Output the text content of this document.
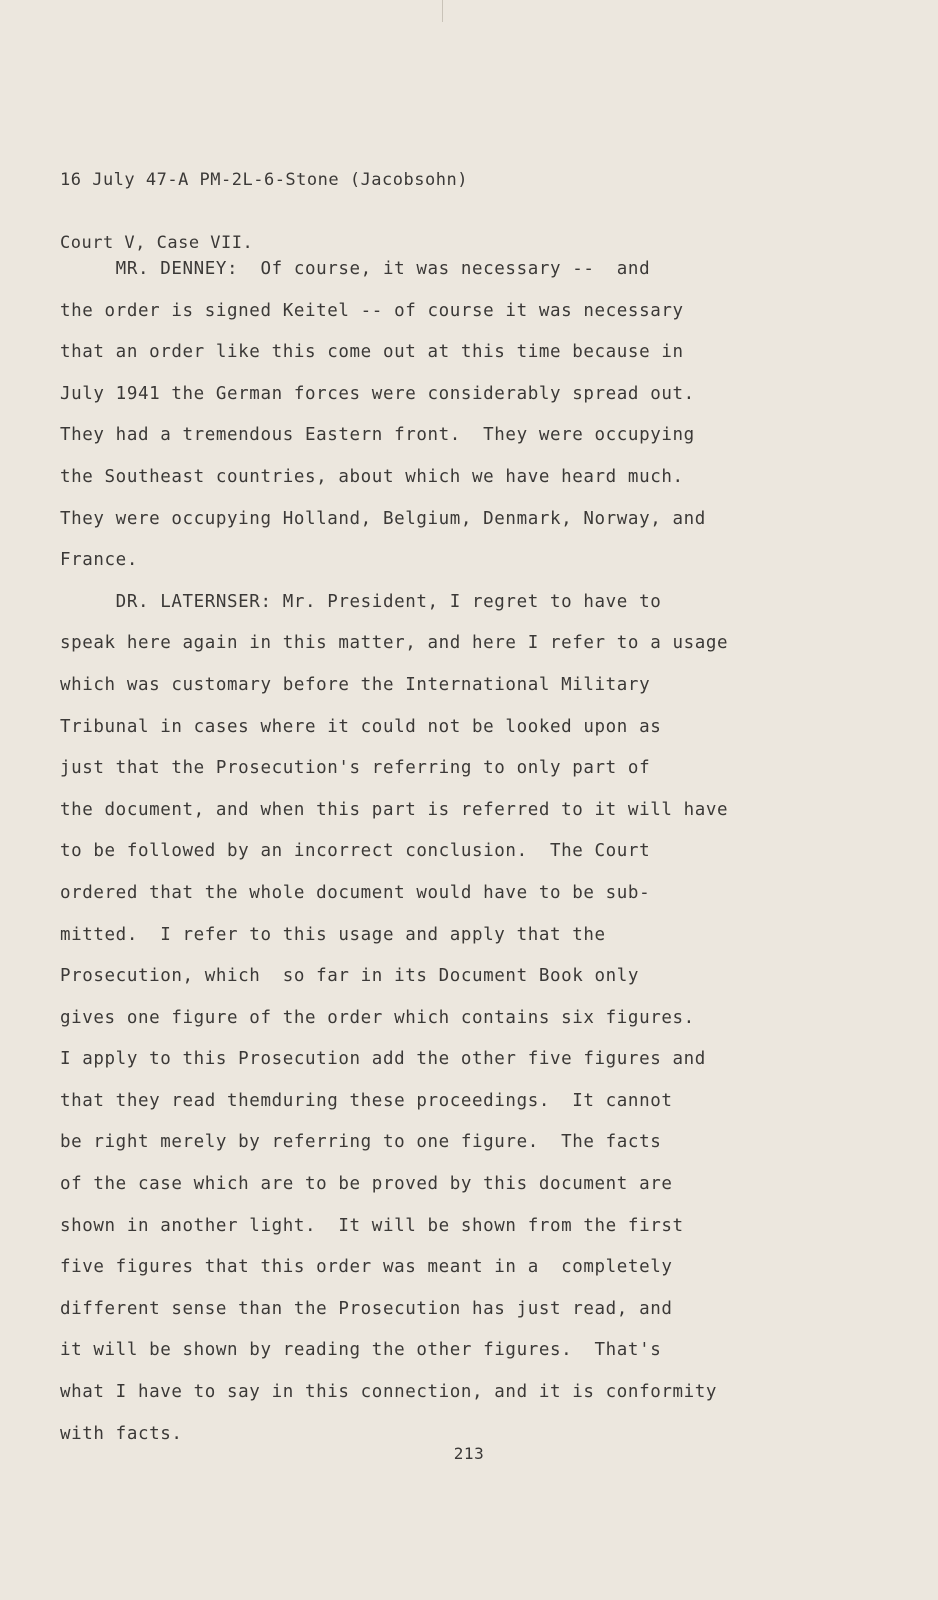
16 July 47-A PM-2L-6-Stone (Jacobsohn)

Court V, Case VII.

MR. DENNEY:  Of course, it was necessary --  and
the order is signed Keitel -- of course it was necessary
that an order like this come out at this time because in
July 1941 the German forces were considerably spread out.
They had a tremendous Eastern front.  They were occupying
the Southeast countries, about which we have heard much.
They were occupying Holland, Belgium, Denmark, Norway, and
France.
DR. LATERNSER: Mr. President, I regret to have to
speak here again in this matter, and here I refer to a usage
which was customary before the International Military
Tribunal in cases where it could not be looked upon as
just that the Prosecution's referring to only part of
the document, and when this part is referred to it will have
to be followed by an incorrect conclusion.  The Court
ordered that the whole document would have to be sub-
mitted.  I refer to this usage and apply that the
Prosecution, which  so far in its Document Book only
gives one figure of the order which contains six figures.
I apply to this Prosecution add the other five figures and
that they read themduring these proceedings.  It cannot
be right merely by referring to one figure.  The facts
of the case which are to be proved by this document are
shown in another light.  It will be shown from the first
five figures that this order was meant in a  completely
different sense than the Prosecution has just read, and
it will be shown by reading the other figures.  That's
what I have to say in this connection, and it is conformity
with facts.
213
